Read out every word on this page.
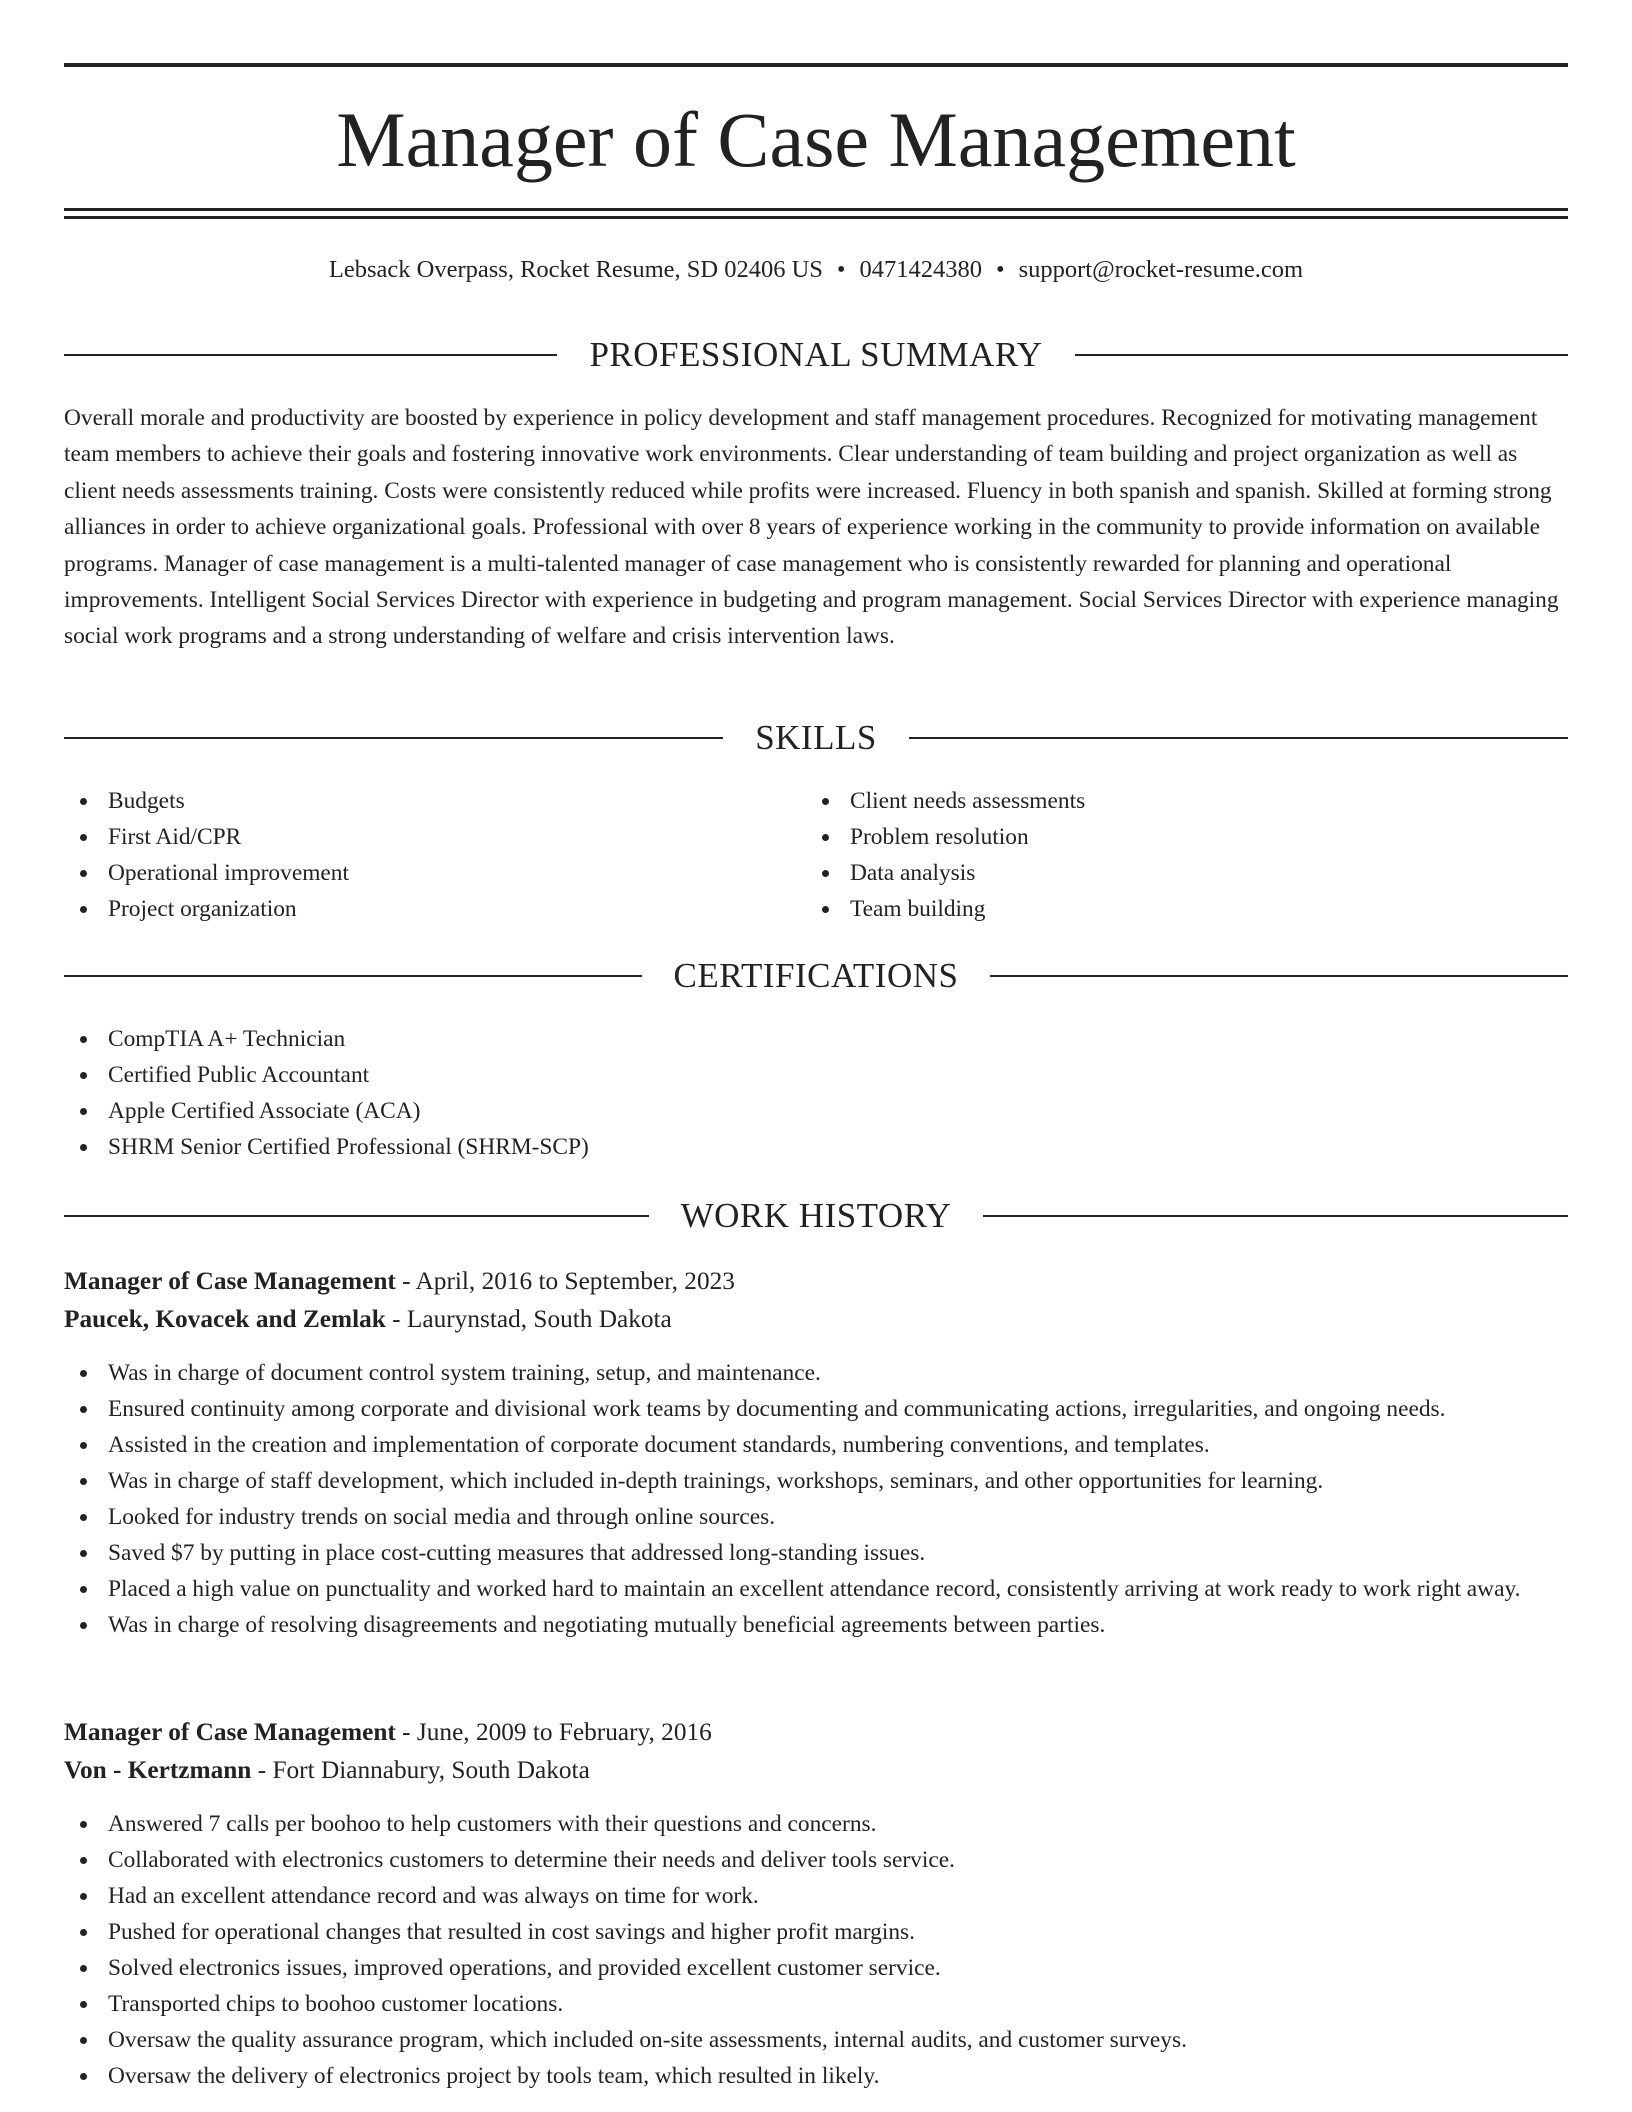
Manager of Case Management
Lebsack Overpass, Rocket Resume, SD 02406 US • 0471424380 • support@rocket-resume.com
PROFESSIONAL SUMMARY

Overall morale and productivity are boosted by experience in policy development and staff management procedures. Recognized for motivating management team members to achieve their goals and fostering innovative work environments. Clear understanding of team building and project organization as well as client needs assessments training. Costs were consistently reduced while profits were increased. Fluency in both spanish and spanish. Skilled at forming strong alliances in order to achieve organizational goals. Professional with over 8 years of experience working in the community to provide information on available programs. Manager of case management is a multi-talented manager of case management who is consistently rewarded for planning and operational improvements. Intelligent Social Services Director with experience in budgeting and program management. Social Services Director with experience managing social work programs and a strong understanding of welfare and crisis intervention laws.

SKILLS
Budgets
First Aid/CPR
Operational improvement
Project organization
Client needs assessments
Problem resolution
Data analysis
Team building
CERTIFICATIONS
CompTIA A+ Technician
Certified Public Accountant
Apple Certified Associate (ACA)
SHRM Senior Certified Professional (SHRM-SCP)
WORK HISTORY
Manager of Case Management - April, 2016 to September, 2023
Paucek, Kovacek and Zemlak - Laurynstad, South Dakota
Was in charge of document control system training, setup, and maintenance.
Ensured continuity among corporate and divisional work teams by documenting and communicating actions, irregularities, and ongoing needs.
Assisted in the creation and implementation of corporate document standards, numbering conventions, and templates.
Was in charge of staff development, which included in-depth trainings, workshops, seminars, and other opportunities for learning.
Looked for industry trends on social media and through online sources.
Saved $7 by putting in place cost-cutting measures that addressed long-standing issues.
Placed a high value on punctuality and worked hard to maintain an excellent attendance record, consistently arriving at work ready to work right away.
Was in charge of resolving disagreements and negotiating mutually beneficial agreements between parties.
Manager of Case Management - June, 2009 to February, 2016
Von - Kertzmann - Fort Diannabury, South Dakota
Answered 7 calls per boohoo to help customers with their questions and concerns.
Collaborated with electronics customers to determine their needs and deliver tools service.
Had an excellent attendance record and was always on time for work.
Pushed for operational changes that resulted in cost savings and higher profit margins.
Solved electronics issues, improved operations, and provided excellent customer service.
Transported chips to boohoo customer locations.
Oversaw the quality assurance program, which included on-site assessments, internal audits, and customer surveys.
Oversaw the delivery of electronics project by tools team, which resulted in likely.
